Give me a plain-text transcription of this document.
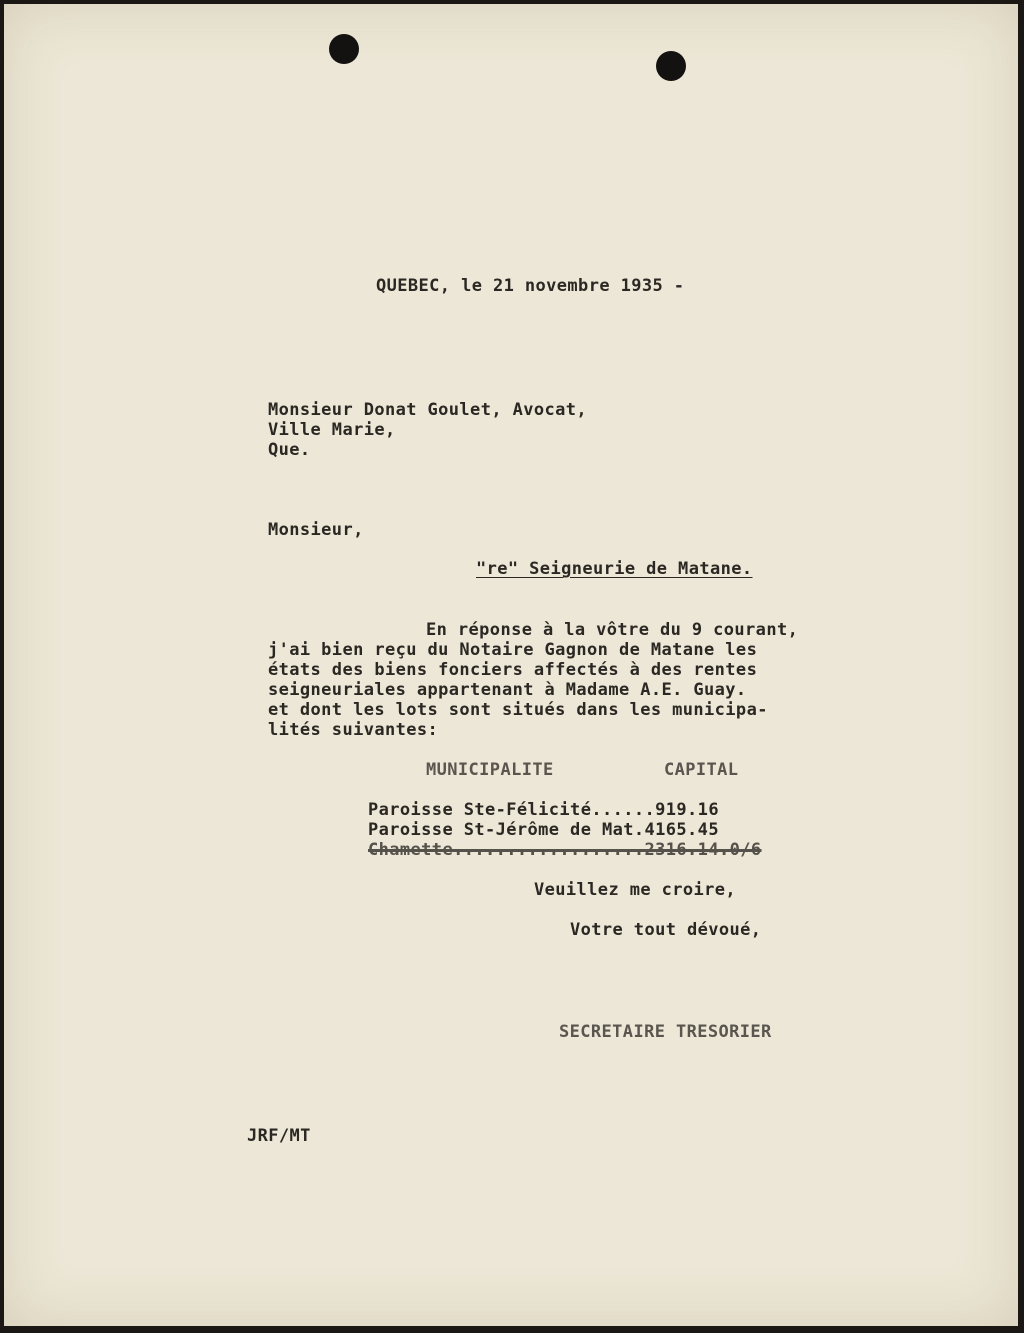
QUEBEC, le 21 novembre 1935 -

Monsieur Donat Goulet, Avocat,

Ville Marie,

Que.

Monsieur,

"re" Seigneurie de Matane.

En réponse à la vôtre du 9 courant,

j'ai bien reçu du Notaire Gagnon de Matane les

états des biens fonciers affectés à des rentes

seigneuriales appartenant à Madame A.E. Guay.

et dont les lots sont situés dans les municipa-

lités suivantes:

MUNICIPALITE	CAPITAL

Paroisse Ste-Félicité......919.16

Paroisse St-Jérôme de Mat.4165.45

Chamette..................2316.14.0/6

Veuillez me croire,

Votre tout dévoué,

SECRETAIRE TRESORIER

JRF/MT
